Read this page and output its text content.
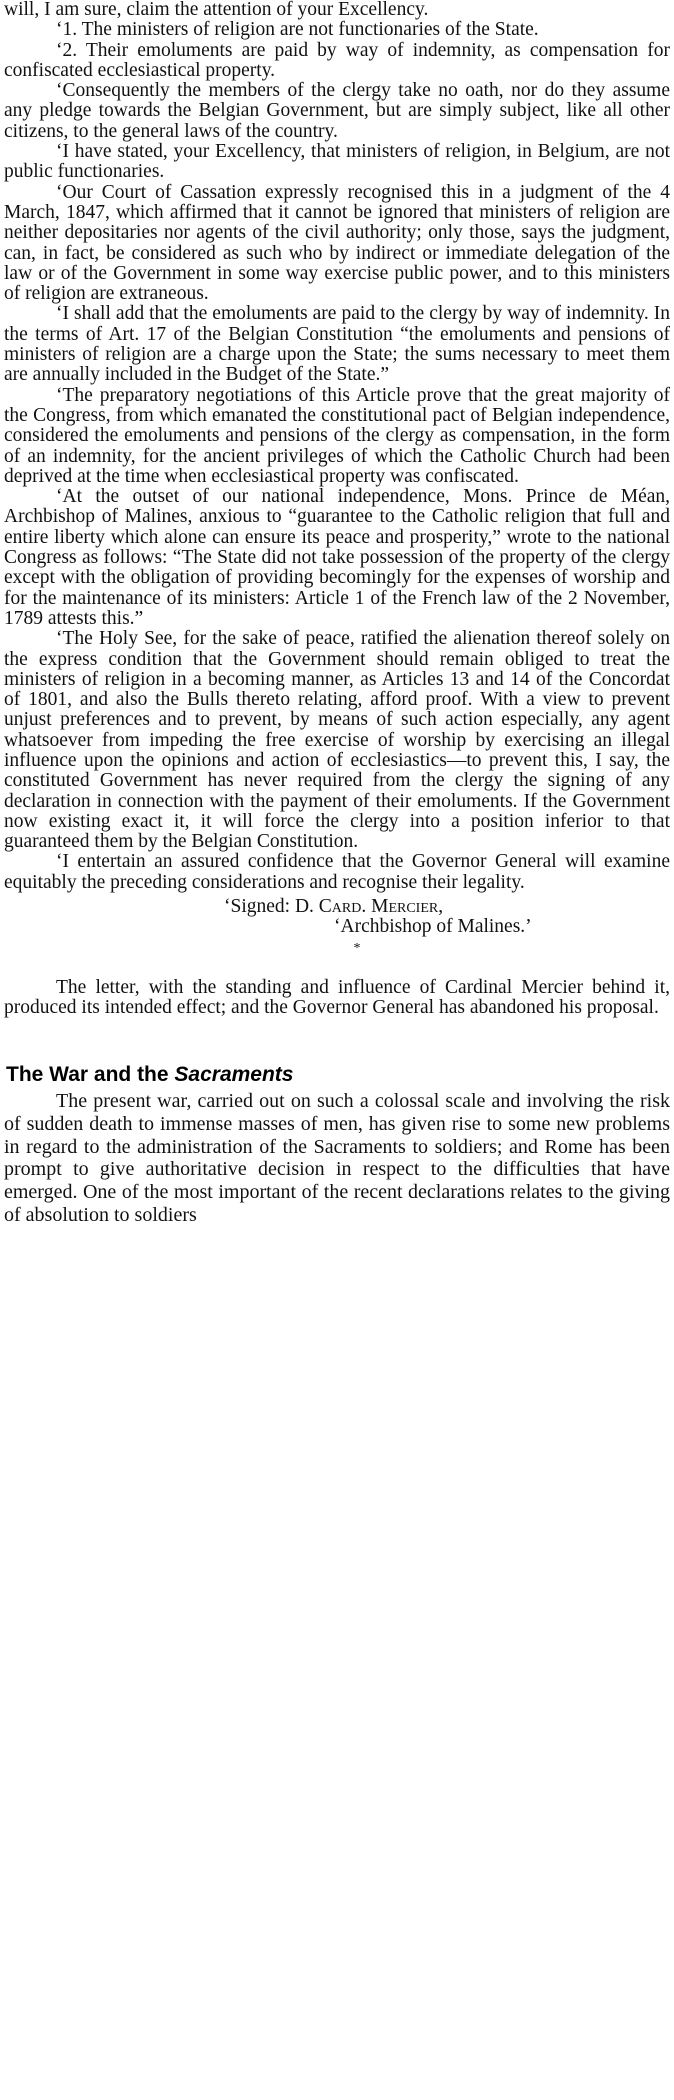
will, I am sure, claim the attention of your Excellency.

‘1. The ministers of religion are not functionaries of the State.

‘2. Their emoluments are paid by way of indemnity, as compensation for confiscated ecclesiastical property.

‘Consequently the members of the clergy take no oath, nor do they assume any pledge towards the Belgian Government, but are simply subject, like all other citizens, to the general laws of the country.

‘I have stated, your Excellency, that ministers of religion, in Belgium, are not public functionaries.

‘Our Court of Cassation expressly recognised this in a judgment of the 4 March, 1847, which affirmed that it cannot be ignored that ministers of religion are neither depositaries nor agents of the civil authority; only those, says the judgment, can, in fact, be considered as such who by indirect or immediate delegation of the law or of the Government in some way exercise public power, and to this ministers of religion are extraneous.

‘I shall add that the emoluments are paid to the clergy by way of indemnity. In the terms of Art. 17 of the Belgian Constitution “the emoluments and pensions of ministers of religion are a charge upon the State; the sums necessary to meet them are annually included in the Budget of the State.”

‘The preparatory negotiations of this Article prove that the great majority of the Congress, from which emanated the constitutional pact of Belgian independence, considered the emoluments and pensions of the clergy as compensation, in the form of an indemnity, for the ancient privileges of which the Catholic Church had been deprived at the time when ecclesiastical property was confiscated.

‘At the outset of our national independence, Mons. Prince de Méan, Archbishop of Malines, anxious to “guarantee to the Catholic religion that full and entire liberty which alone can ensure its peace and prosperity,” wrote to the national Congress as follows: “The State did not take possession of the property of the clergy except with the obligation of providing becomingly for the expenses of worship and for the maintenance of its ministers: Article 1 of the French law of the 2 November, 1789 attests this.”

‘The Holy See, for the sake of peace, ratified the alienation thereof solely on the express condition that the Government should remain obliged to treat the ministers of religion in a becoming manner, as Articles 13 and 14 of the Concordat of 1801, and also the Bulls thereto relating, afford proof. With a view to prevent unjust preferences and to prevent, by means of such action especially, any agent whatsoever from impeding the free exercise of worship by exercising an illegal influence upon the opinions and action of ecclesiastics—to prevent this, I say, the constituted Government has never required from the clergy the signing of any declaration in connection with the payment of their emoluments. If the Government now existing exact it, it will force the clergy into a position inferior to that guaranteed them by the Belgian Constitution.

‘I entertain an assured confidence that the Governor General will examine equitably the preceding considerations and recognise their legality.

‘Signed: D. Card. Mercier,

‘Archbishop of Malines.’

*

The letter, with the standing and influence of Cardinal Mercier behind it, produced its intended effect; and the Governor General has abandoned his proposal.

The War and the Sacraments

The present war, carried out on such a colossal scale and involving the risk of sudden death to immense masses of men, has given rise to some new problems in regard to the administration of the Sacraments to soldiers; and Rome has been prompt to give authoritative decision in respect to the difficulties that have emerged. One of the most important of the recent declarations relates to the giving of absolution to soldiers
